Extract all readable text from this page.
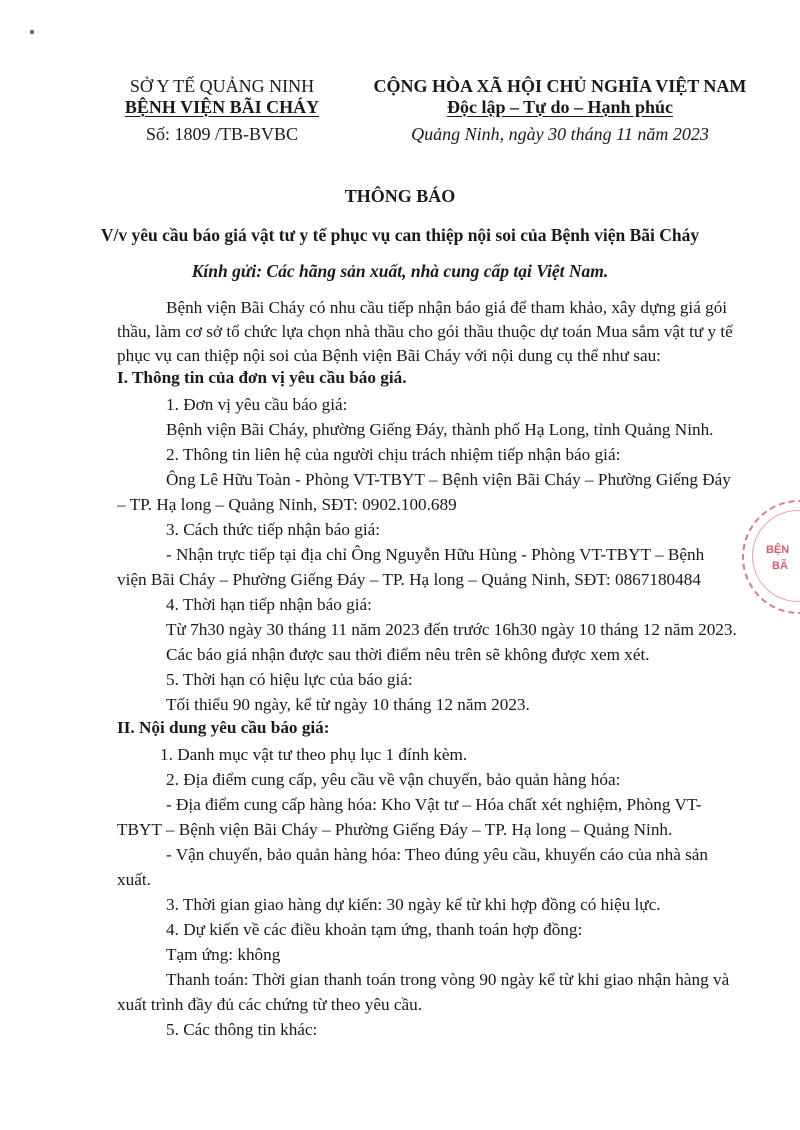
SỞ Y TẾ QUẢNG NINH
BỆNH VIỆN BÃI CHÁY
Số: 1809 /TB-BVBC
CỘNG HÒA XÃ HỘI CHỦ NGHĨA VIỆT NAM
Độc lập – Tự do – Hạnh phúc
Quảng Ninh, ngày 30 tháng 11 năm 2023
THÔNG BÁO
V/v yêu cầu báo giá vật tư y tế phục vụ can thiệp nội soi của Bệnh viện Bãi Cháy
Kính gửi: Các hãng sản xuất, nhà cung cấp tại Việt Nam.
Bệnh viện Bãi Cháy có nhu cầu tiếp nhận báo giá để tham khảo, xây dựng giá gói
thầu, làm cơ sở tổ chức lựa chọn nhà thầu cho gói thầu thuộc dự toán Mua sắm vật tư y tế
phục vụ can thiệp nội soi của Bệnh viện Bãi Cháy với nội dung cụ thể như sau:
I. Thông tin của đơn vị yêu cầu báo giá.
1. Đơn vị yêu cầu báo giá:
Bệnh viện Bãi Cháy, phường Giếng Đáy, thành phố Hạ Long, tỉnh Quảng Ninh.
2. Thông tin liên hệ của người chịu trách nhiệm tiếp nhận báo giá:
Ông Lê Hữu Toàn - Phòng VT-TBYT – Bệnh viện Bãi Cháy – Phường Giếng Đáy
– TP. Hạ long – Quảng Ninh, SĐT: 0902.100.689
3. Cách thức tiếp nhận báo giá:
- Nhận trực tiếp tại địa chỉ Ông Nguyễn Hữu Hùng - Phòng VT-TBYT – Bệnh
viện Bãi Cháy – Phường Giếng Đáy – TP. Hạ long – Quảng Ninh, SĐT: 0867180484
4. Thời hạn tiếp nhận báo giá:
Từ 7h30 ngày 30 tháng 11 năm 2023 đến trước 16h30 ngày 10 tháng 12 năm 2023.
Các báo giá nhận được sau thời điểm nêu trên sẽ không được xem xét.
5. Thời hạn có hiệu lực của báo giá:
Tối thiểu 90 ngày, kể từ ngày 10 tháng 12 năm 2023.
II. Nội dung yêu cầu báo giá:
1. Danh mục vật tư theo phụ lục 1 đính kèm.
2. Địa điểm cung cấp, yêu cầu về vận chuyển, bảo quản hàng hóa:
- Địa điểm cung cấp hàng hóa: Kho Vật tư – Hóa chất xét nghiệm, Phòng VT-
TBYT – Bệnh viện Bãi Cháy – Phường Giếng Đáy – TP. Hạ long – Quảng Ninh.
- Vận chuyển, bảo quản hàng hóa: Theo đúng yêu cầu, khuyến cáo của nhà sản
xuất.
3. Thời gian giao hàng dự kiến: 30 ngày kể từ khi hợp đồng có hiệu lực.
4. Dự kiến về các điều khoản tạm ứng, thanh toán hợp đồng:
Tạm ứng: không
Thanh toán: Thời gian thanh toán trong vòng 90 ngày kể từ khi giao nhận hàng và
xuất trình đầy đủ các chứng từ theo yêu cầu.
5. Các thông tin khác:
BỆN
BÃ
